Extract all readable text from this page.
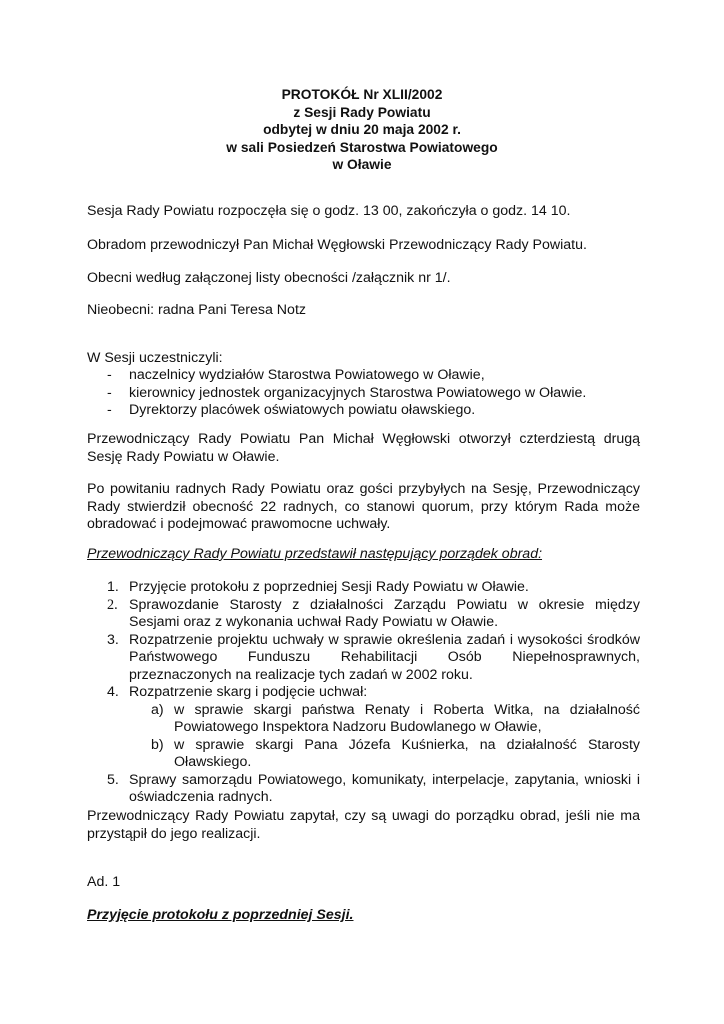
PROTOKÓŁ Nr XLII/2002
z Sesji Rady Powiatu
odbytej w dniu 20 maja 2002 r.
w sali Posiedzeń Starostwa Powiatowego
w Oławie
Sesja Rady Powiatu rozpoczęła się o godz. 13 00, zakończyła o godz. 14 10.
Obradom przewodniczył Pan Michał Węgłowski Przewodniczący Rady Powiatu.
Obecni według załączonej listy obecności /załącznik nr 1/.
Nieobecni: radna Pani Teresa Notz
W Sesji uczestniczyli:
- naczelnicy wydziałów Starostwa Powiatowego w Oławie,
- kierownicy jednostek organizacyjnych Starostwa Powiatowego w Oławie.
- Dyrektorzy placówek oświatowych powiatu oławskiego.
Przewodniczący Rady Powiatu Pan Michał Węgłowski otworzył czterdziestą drugą Sesję Rady Powiatu w Oławie.
Po powitaniu radnych Rady Powiatu oraz gości przybyłych na Sesję, Przewodniczący Rady stwierdził obecność 22 radnych, co stanowi quorum, przy którym Rada może obradować i podejmować prawomocne uchwały.
Przewodniczący Rady Powiatu przedstawił następujący porządek obrad:
1. Przyjęcie protokołu z poprzedniej Sesji Rady Powiatu w Oławie.
2. Sprawozdanie Starosty z działalności Zarządu Powiatu w okresie między Sesjami oraz z wykonania uchwał Rady Powiatu w Oławie.
3. Rozpatrzenie projektu uchwały w sprawie określenia zadań i wysokości środków Państwowego Funduszu Rehabilitacji Osób Niepełnosprawnych, przeznaczonych na realizacje tych zadań w 2002 roku.
4. Rozpatrzenie skarg i podjęcie uchwał:
a) w sprawie skargi państwa Renaty i Roberta Witka, na działalność Powiatowego Inspektora Nadzoru Budowlanego w Oławie,
b) w sprawie skargi Pana Józefa Kuśnierka, na działalność Starosty Oławskiego.
5. Sprawy samorządu Powiatowego, komunikaty, interpelacje, zapytania, wnioski i oświadczenia radnych.
Przewodniczący Rady Powiatu zapytał, czy są uwagi do porządku obrad, jeśli nie ma przystąpił do jego realizacji.
Ad. 1
Przyjęcie protokołu z poprzedniej Sesji.
